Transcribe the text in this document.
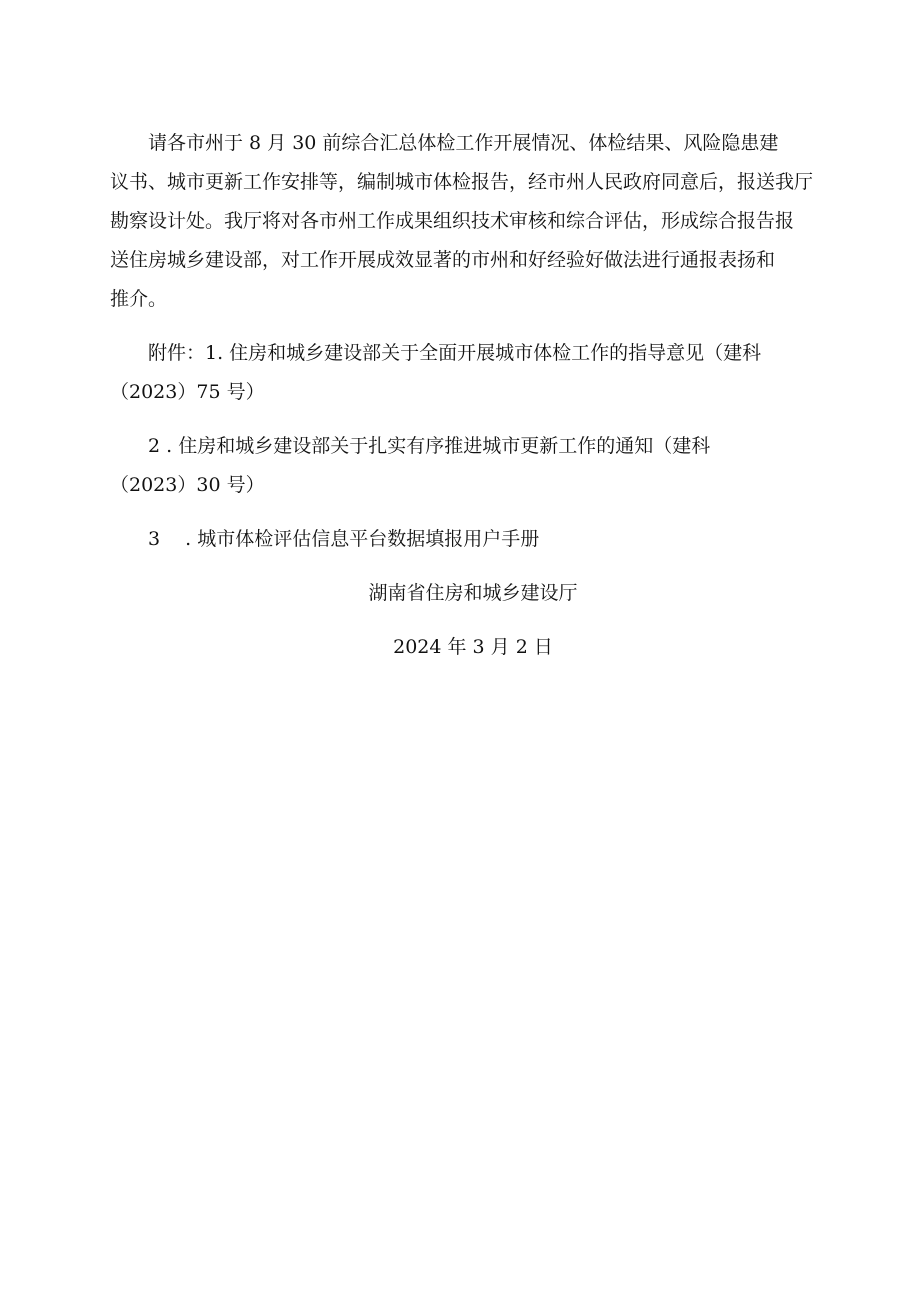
请各市州于 8 月 30 前综合汇总体检工作开展情况、体检结果、风险隐患建

议书、城市更新工作安排等，编制城市体检报告，经市州人民政府同意后，报送我厅

勘察设计处。我厅将对各市州工作成果组织技术审核和综合评估，形成综合报告报

送住房城乡建设部，对工作开展成效显著的市州和好经验好做法进行通报表扬和

推介。

附件：1. 住房和城乡建设部关于全面开展城市体检工作的指导意见（建科

（2023）75 号）

2 . 住房和城乡建设部关于扎实有序推进城市更新工作的通知（建科

（2023）30 号）

3　 . 城市体检评估信息平台数据填报用户手册

湖南省住房和城乡建设厅

2024 年 3 月 2 日
